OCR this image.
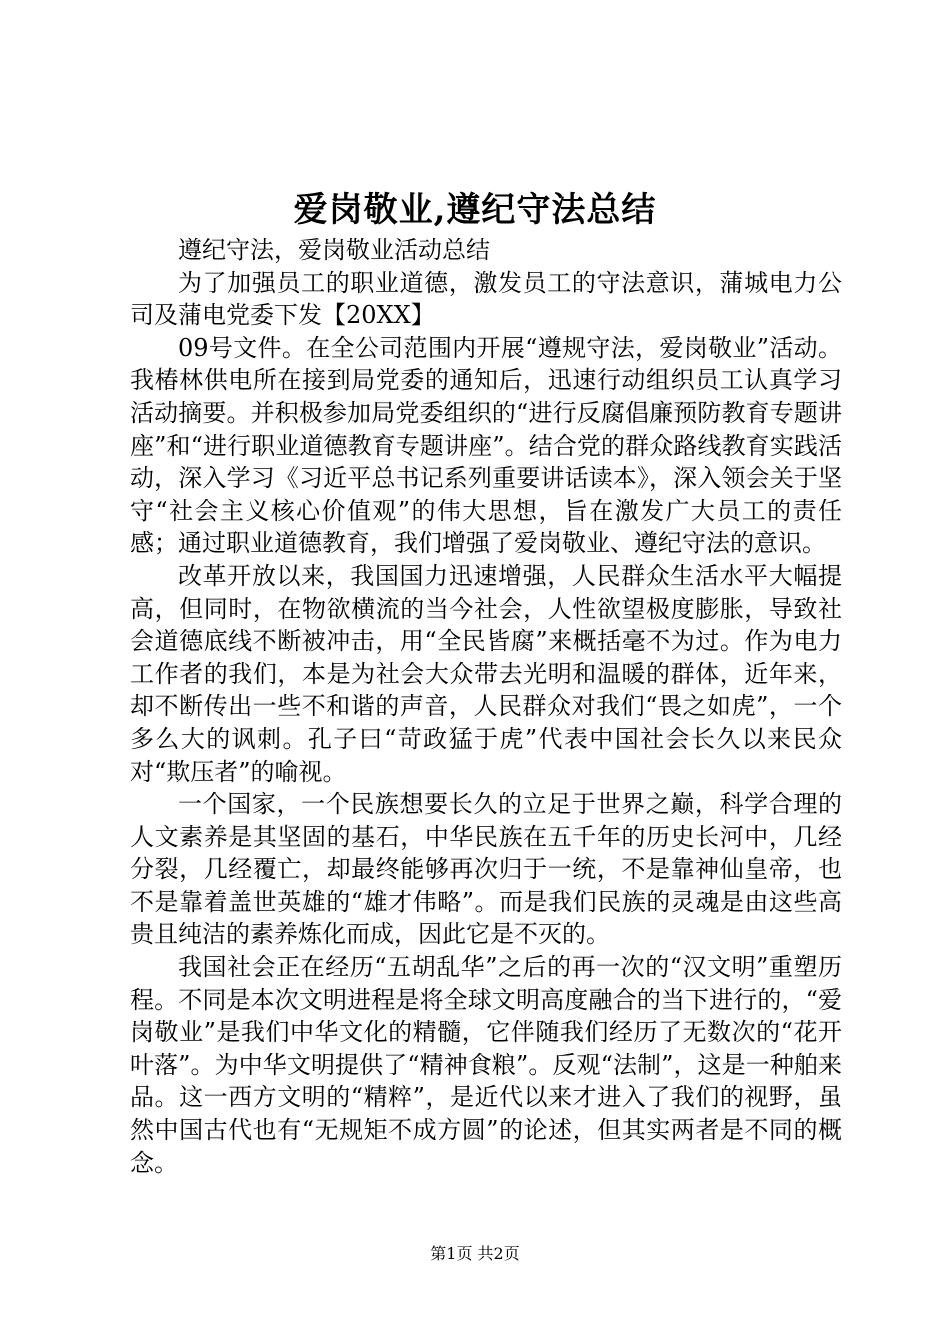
爱岗敬业,遵纪守法总结

遵纪守法，爱岗敬业活动总结

为了加强员工的职业道德，激发员工的守法意识，蒲城电力公司及蒲电党委下发【20XX】

09号文件。在全公司范围内开展“遵规守法，爱岗敬业”活动。我椿林供电所在接到局党委的通知后，迅速行动组织员工认真学习活动摘要。并积极参加局党委组织的“进行反腐倡廉预防教育专题讲座”和“进行职业道德教育专题讲座”。结合党的群众路线教育实践活动，深入学习《习近平总书记系列重要讲话读本》，深入领会关于坚守“社会主义核心价值观”的伟大思想，旨在激发广大员工的责任感；通过职业道德教育，我们增强了爱岗敬业、遵纪守法的意识。

改革开放以来，我国国力迅速增强，人民群众生活水平大幅提高，但同时，在物欲横流的当今社会，人性欲望极度膨胀，导致社会道德底线不断被冲击，用“全民皆腐”来概括毫不为过。作为电力工作者的我们，本是为社会大众带去光明和温暖的群体，近年来，却不断传出一些不和谐的声音，人民群众对我们“畏之如虎”，一个多么大的讽刺。孔子曰“苛政猛于虎”代表中国社会长久以来民众对“欺压者”的喻视。

一个国家，一个民族想要长久的立足于世界之巅，科学合理的人文素养是其坚固的基石，中华民族在五千年的历史长河中，几经分裂，几经覆亡，却最终能够再次归于一统，不是靠神仙皇帝，也不是靠着盖世英雄的“雄才伟略”。而是我们民族的灵魂是由这些高贵且纯洁的素养炼化而成，因此它是不灭的。

我国社会正在经历“五胡乱华”之后的再一次的“汉文明”重塑历程。不同是本次文明进程是将全球文明高度融合的当下进行的，“爱岗敬业”是我们中华文化的精髓，它伴随我们经历了无数次的“花开叶落”。为中华文明提供了“精神食粮”。反观“法制”，这是一种舶来品。这一西方文明的“精粹”，是近代以来才进入了我们的视野，虽然中国古代也有“无规矩不成方圆”的论述，但其实两者是不同的概念。

第1页 共2页
